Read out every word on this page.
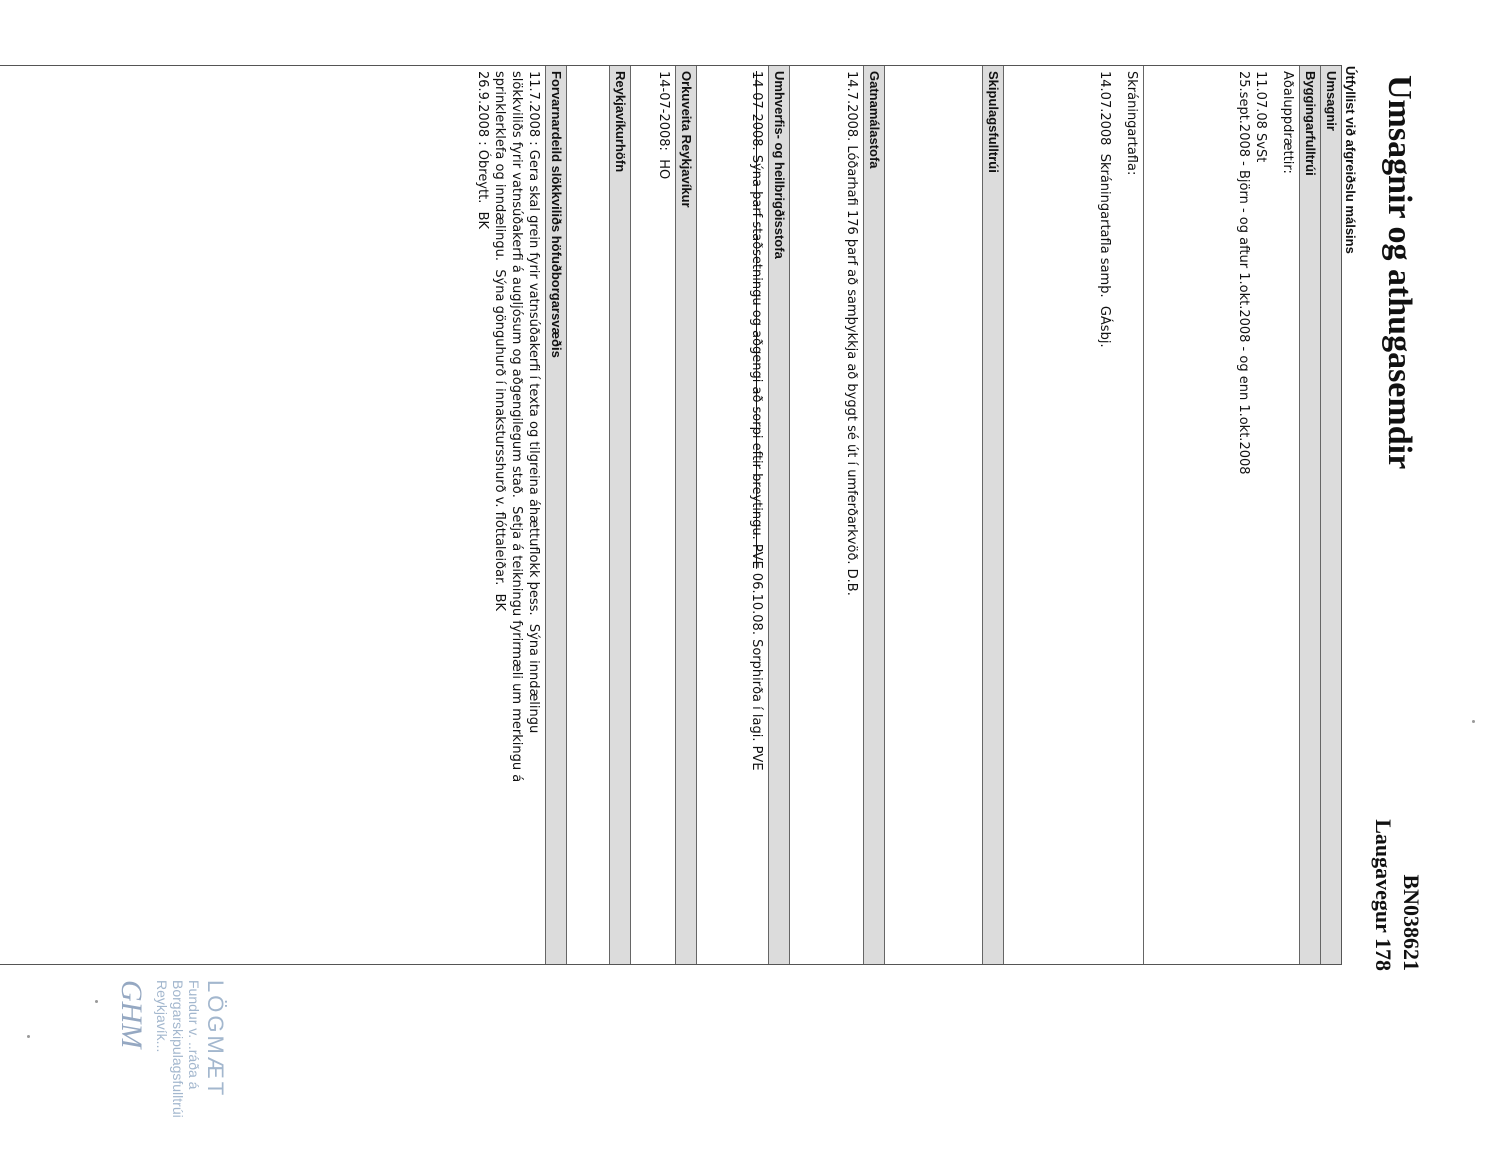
Umsagnir og athugasemdir
BN038621
Laugavegur 178
Útfyllist við afgreiðslu málsins
Umsagnir
Byggingarfulltrúi
Aðaluppdrættir:
11.07.08 SvSt
25.sept.2008 - Björn - og aftur 1.okt.2008 - og enn 1.okt.2008
Skráningartafla:
14.07.2008  Skráningartafla samþ.  GÁsbj.
Skipulagsfulltrúi
Gatnamálastofa
14.7.2008. Lóðarhafi 176 þarf að samþykkja að byggt sé út í umferðarkvöð. D.B.
Umhverfis- og heilbrigðisstofa
14-07-2008. Sýna þarf staðsetningu og aðgengi að sorpi eftir breytingu. PVE 06.10.08. Sorphirða í lagi. PVE
Orkuveita Reykjavíkur
14-07-2008:  HO
Reykjavíkurhöfn
Forvarnardeild slökkviliðs höfuðborgarsvæðis
11.7.2008 : Gera skal grein fyrir vatnsúðakerfi í texta og tilgreina áhættuflokk þess.  Sýna inndælingu
slökkviliðs fyrir vatnsúðakerfi á augljósum og aðgengilegum stað.  Setja á teikningu fyrirmæli um merkingu á
sprinklerklefa og inndælingu.  Sýna gönguhurð í innakstursshurð v. flóttaleiðar.  BK
26.9.2008 : Óbreytt.  BK
LÖGMÆT
Fundur v. ..ráða á
Borgarskipulagsfulltrúi Reykjavík...
GHM
